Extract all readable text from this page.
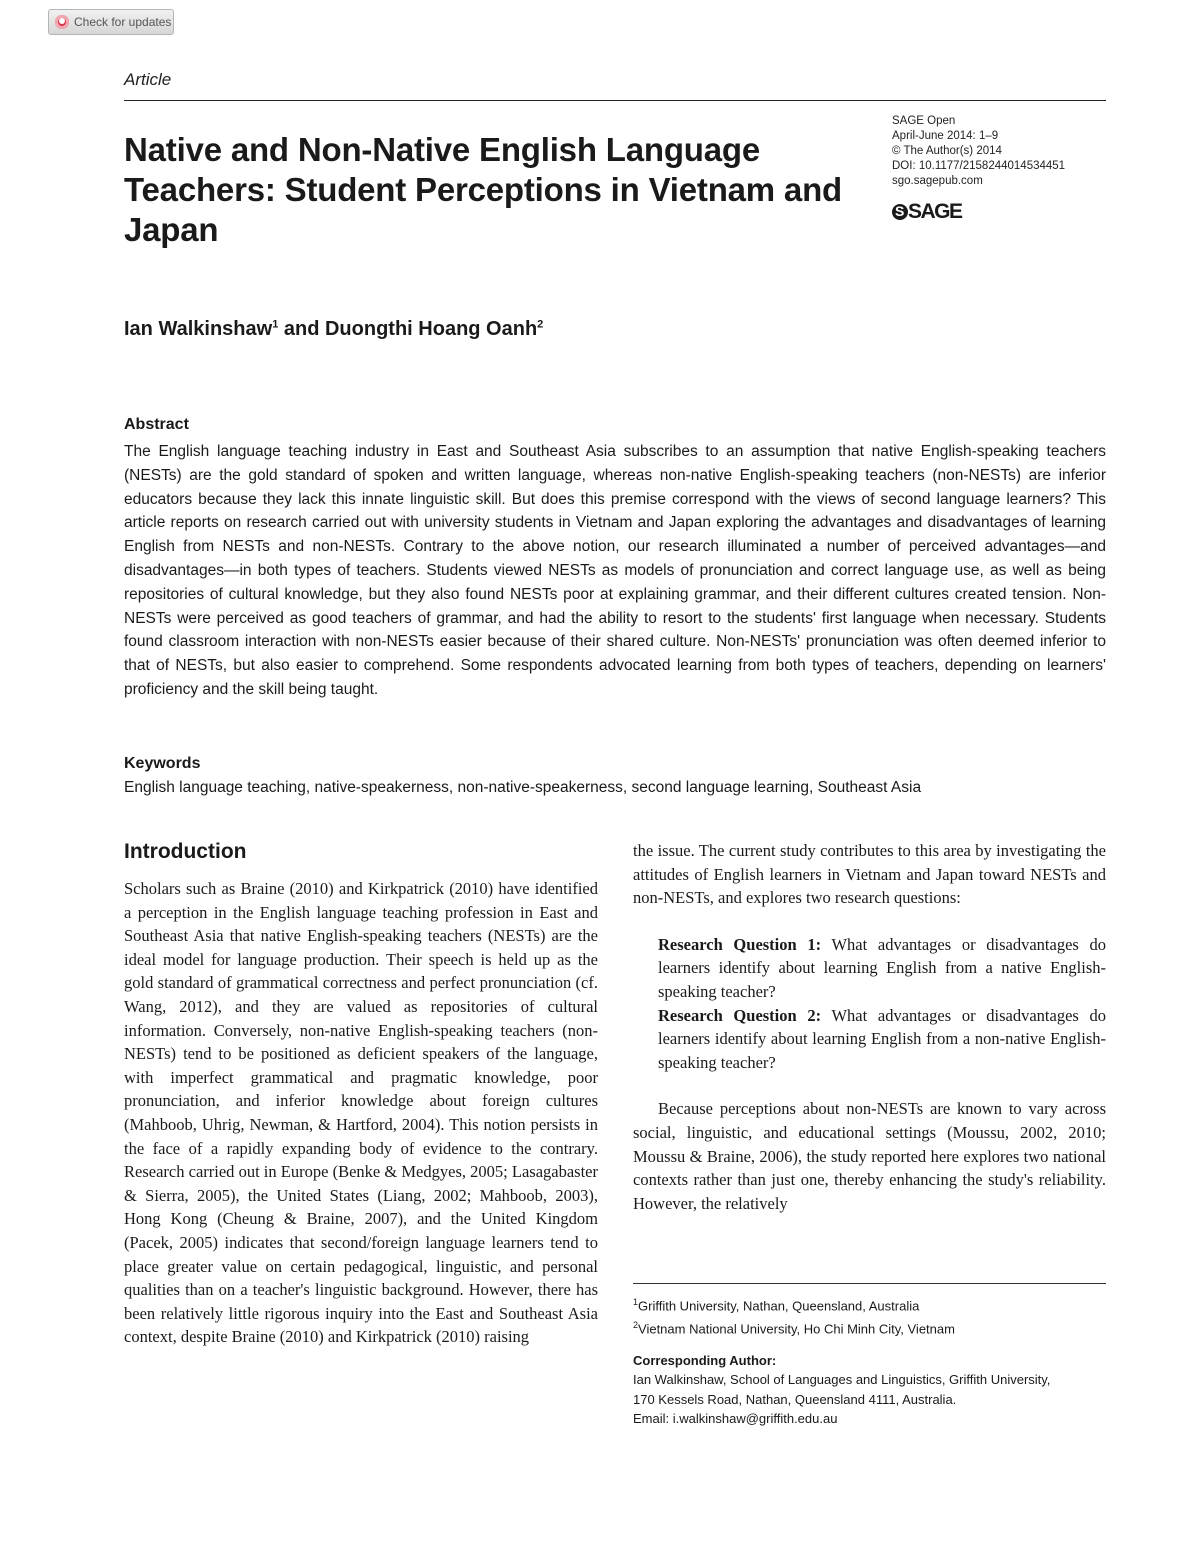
Check for updates
Article
Native and Non-Native English Language Teachers: Student Perceptions in Vietnam and Japan
SAGE Open
April-June 2014: 1–9
© The Author(s) 2014
DOI: 10.1177/2158244014534451
sgo.sagepub.com
S
SAGE
Ian Walkinshaw$^1$ and Duongthi Hoang Oanh$^2$
Abstract
The English language teaching industry in East and Southeast Asia subscribes to an assumption that native English-speaking teachers (NESTs) are the gold standard of spoken and written language, whereas non-native English-speaking teachers (non-NESTs) are inferior educators because they lack this innate linguistic skill. But does this premise correspond with the views of second language learners? This article reports on research carried out with university students in Vietnam and Japan exploring the advantages and disadvantages of learning English from NESTs and non-NESTs. Contrary to the above notion, our research illuminated a number of perceived advantages—and disadvantages—in both types of teachers. Students viewed NESTs as models of pronunciation and correct language use, as well as being repositories of cultural knowledge, but they also found NESTs poor at explaining grammar, and their different cultures created tension. Non-NESTs were perceived as good teachers of grammar, and had the ability to resort to the students' first language when necessary. Students found classroom interaction with non-NESTs easier because of their shared culture. Non-NESTs' pronunciation was often deemed inferior to that of NESTs, but also easier to comprehend. Some respondents advocated learning from both types of teachers, depending on learners' proficiency and the skill being taught.
Keywords
English language teaching, native-speakerness, non-native-speakerness, second language learning, Southeast Asia
Introduction

Scholars such as Braine (2010) and Kirkpatrick (2010) have identified a perception in the English language teaching profession in East and Southeast Asia that native English-speaking teachers (NESTs) are the ideal model for language production. Their speech is held up as the gold standard of grammatical correctness and perfect pronunciation (cf. Wang, 2012), and they are valued as repositories of cultural information. Conversely, non-native English-speaking teachers (non-NESTs) tend to be positioned as deficient speakers of the language, with imperfect grammatical and pragmatic knowledge, poor pronunciation, and inferior knowledge about foreign cultures (Mahboob, Uhrig, Newman, & Hartford, 2004). This notion persists in the face of a rapidly expanding body of evidence to the contrary. Research carried out in Europe (Benke & Medgyes, 2005; Lasagabaster & Sierra, 2005), the United States (Liang, 2002; Mahboob, 2003), Hong Kong (Cheung & Braine, 2007), and the United Kingdom (Pacek, 2005) indicates that second/foreign language learners tend to place greater value on certain pedagogical, linguistic, and personal qualities than on a teacher's linguistic background. However, there has been relatively little rigorous inquiry into the East and Southeast Asia context, despite Braine (2010) and Kirkpatrick (2010) raising

the issue. The current study contributes to this area by investigating the attitudes of English learners in Vietnam and Japan toward NESTs and non-NESTs, and explores two research questions:

Research Question 1: What advantages or disadvantages do learners identify about learning English from a native English-speaking teacher?

Research Question 2: What advantages or disadvantages do learners identify about learning English from a non-native English-speaking teacher?

Because perceptions about non-NESTs are known to vary across social, linguistic, and educational settings (Moussu, 2002, 2010; Moussu & Braine, 2006), the study reported here explores two national contexts rather than just one, thereby enhancing the study's reliability. However, the relatively

$^1$Griffith University, Nathan, Queensland, Australia
$^2$Vietnam National University, Ho Chi Minh City, Vietnam
Corresponding Author:
Ian Walkinshaw, School of Languages and Linguistics, Griffith University,
170 Kessels Road, Nathan, Queensland 4111, Australia.
Email: i.walkinshaw@griffith.edu.au
